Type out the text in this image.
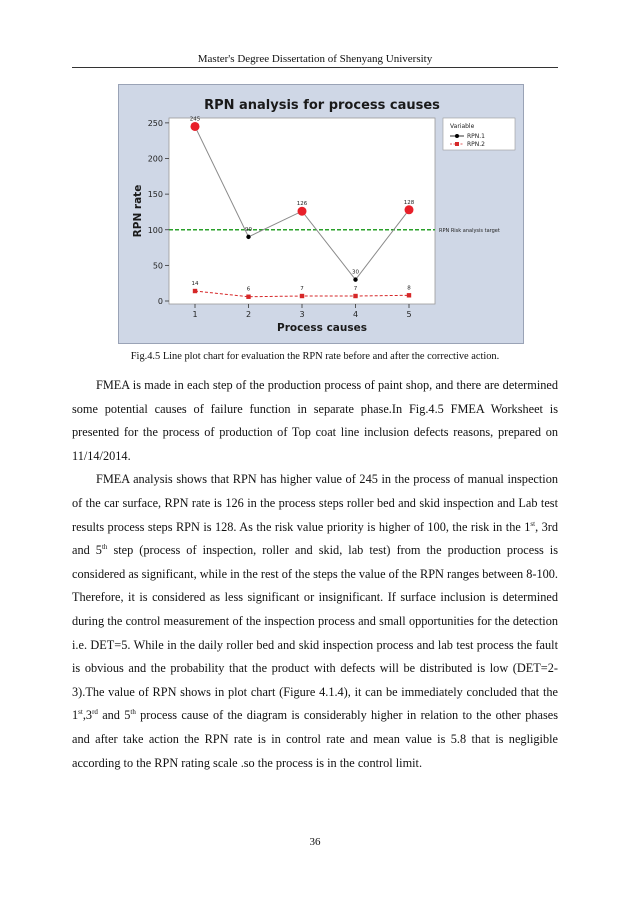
Master's Degree Dissertation of Shenyang University
RPN analysis for process causes
Process causes
RPN rate
0
50
100
150
200
250
1	2	3	4	5
RPN Risk analysis target
245
90
126
30
128
14
6	7	7	8
Variable
RPN.1
RPN.2
Fig.4.5 Line plot chart for evaluation the RPN rate before and after the corrective action.

FMEA is made in each step of the production process of paint shop, and there are determined some potential causes of failure function in separate phase.In Fig.4.5 FMEA Worksheet is presented for the process of production of Top coat line inclusion defects reasons, prepared on 11/14/2014.

FMEA analysis shows that RPN has higher value of 245 in the process of manual inspection of the car surface, RPN rate is 126 in the process steps roller bed and skid inspection and Lab test results process steps RPN is 128. As the risk value priority is higher of 100, the risk in the 1st, 3rd and 5th step (process of inspection, roller and skid, lab test) from the production process is considered as significant, while in the rest of the steps the value of the RPN ranges between 8-100. Therefore, it is considered as less significant or insignificant. If surface inclusion is determined during the control measurement of the inspection process and small opportunities for the detection i.e. DET=5. While in the daily roller bed and skid inspection process and lab test process the fault is obvious and the probability that the product with defects will be distributed is low (DET=2-3).The value of RPN shows in plot chart (Figure 4.1.4), it can be immediately concluded that the 1st,3rd and 5th process cause of the diagram is considerably higher in relation to the other phases and after take action the RPN rate is in control rate and mean value is 5.8 that is negligible according to the RPN rating scale .so the process is in the control limit.

36
